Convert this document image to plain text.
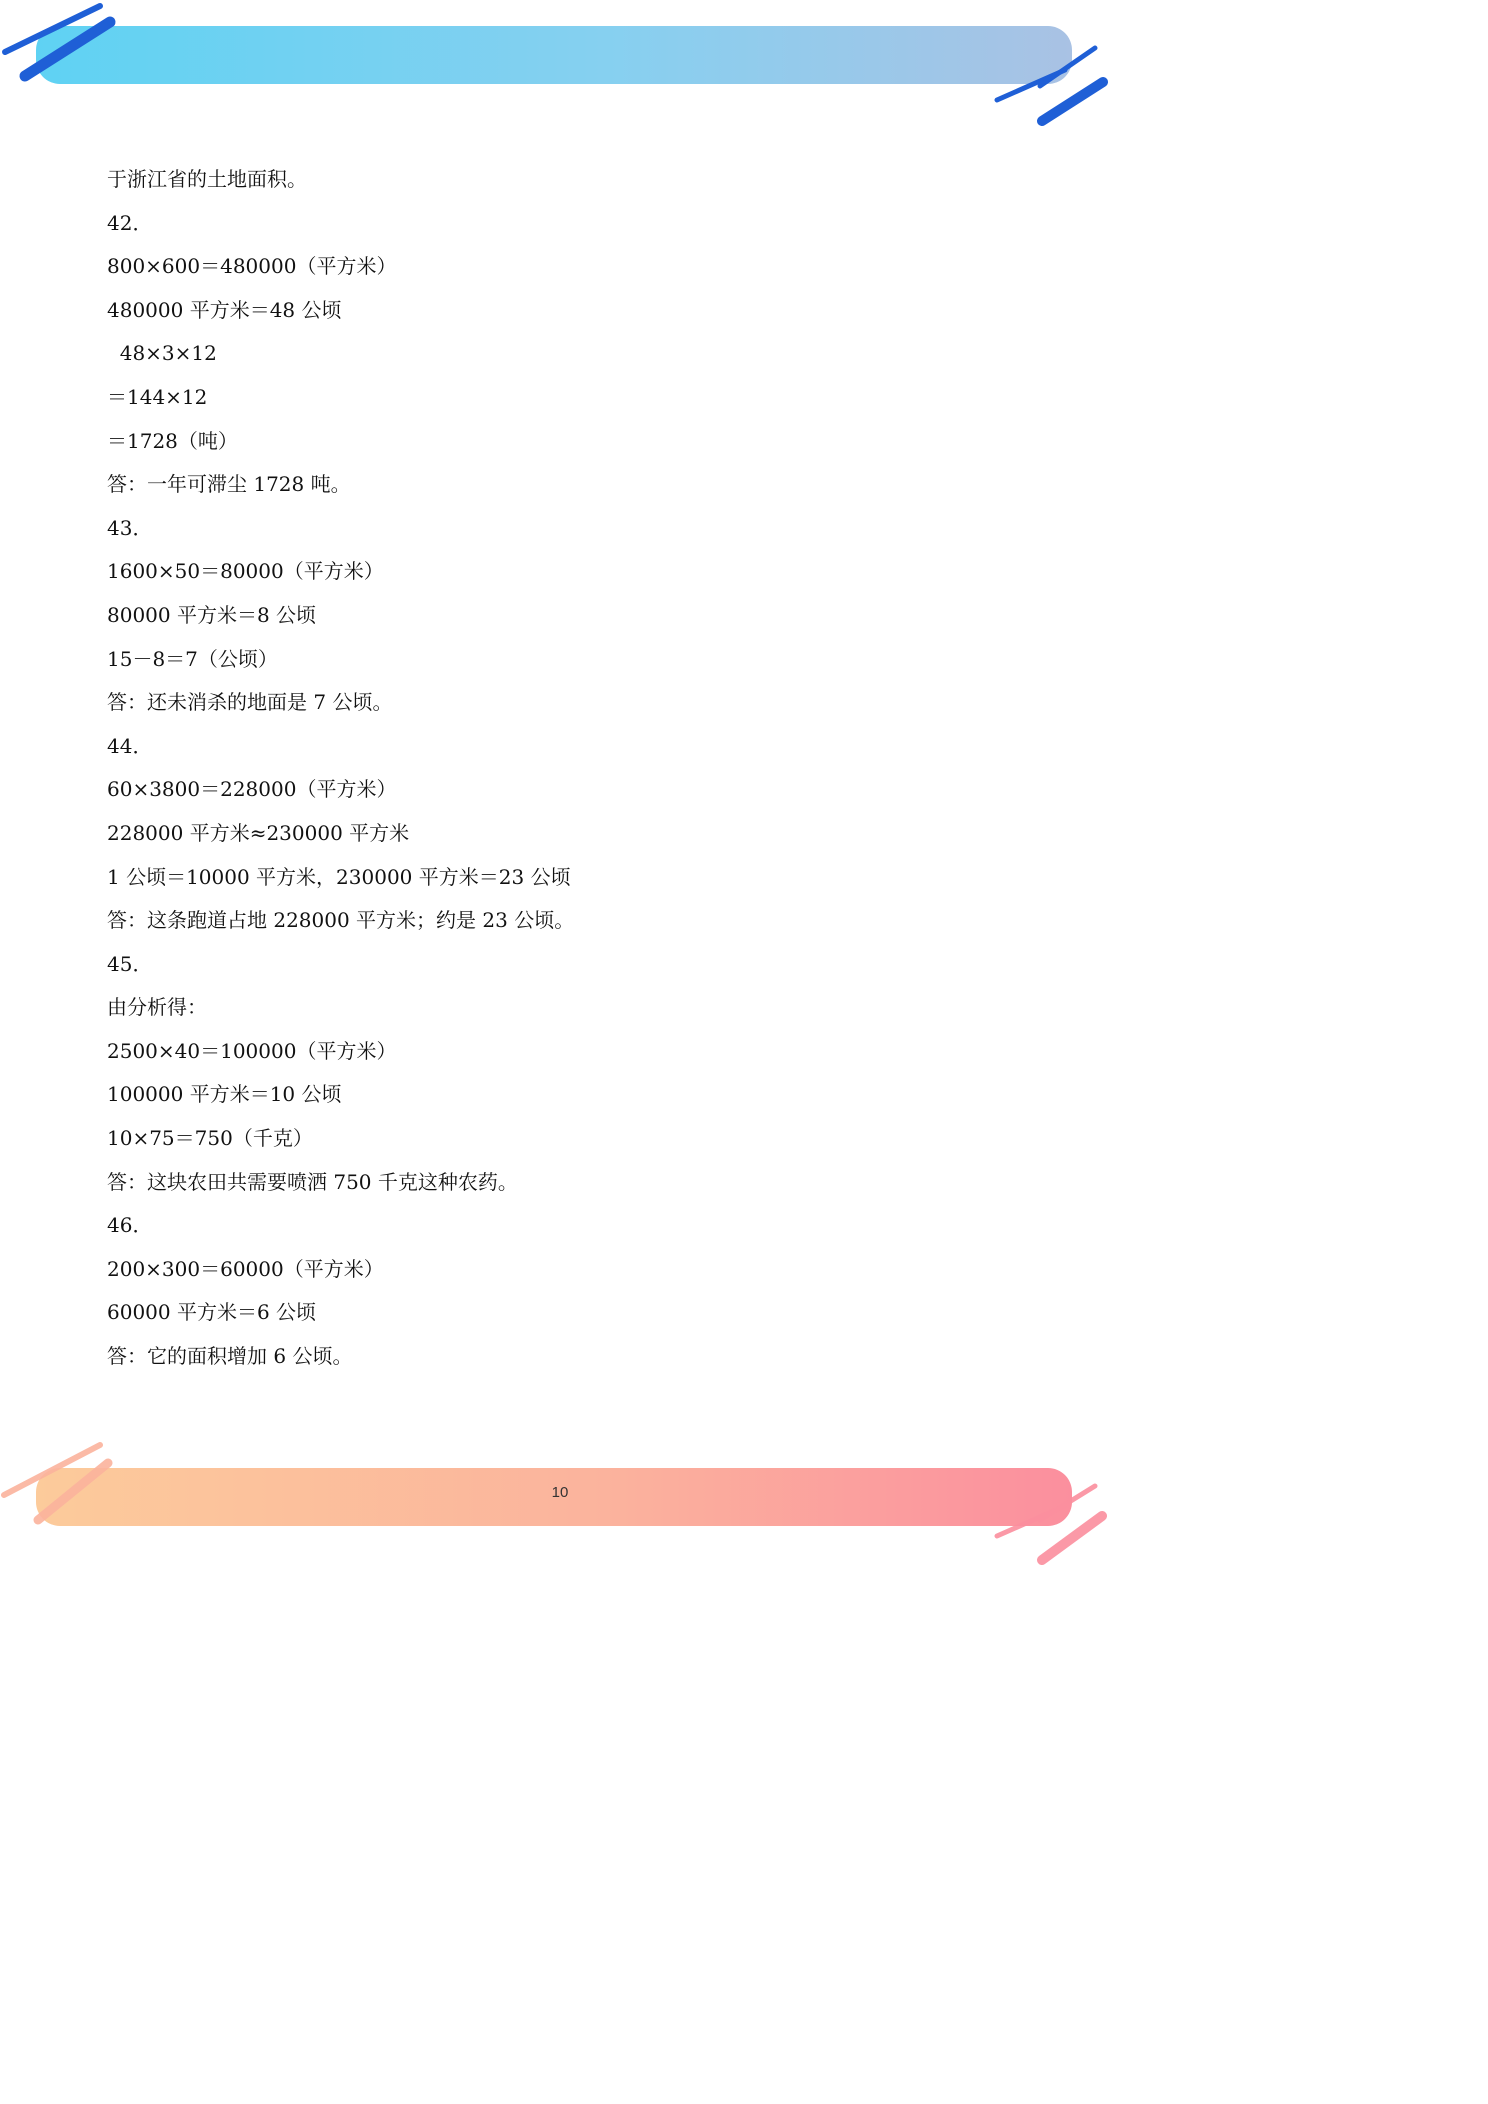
于浙江省的土地面积。
42．
800×600＝480000（平方米）
480000 平方米＝48 公顷
48×3×12
＝144×12
＝1728（吨）
答：一年可滞尘 1728 吨。
43．
1600×50＝80000（平方米）
80000 平方米＝8 公顷
15－8＝7（公顷）
答：还未消杀的地面是 7 公顷。
44．
60×3800＝228000（平方米）
228000 平方米≈230000 平方米
1 公顷＝10000 平方米，230000 平方米＝23 公顷
答：这条跑道占地 228000 平方米；约是 23 公顷。
45．
由分析得：
2500×40＝100000（平方米）
100000 平方米＝10 公顷
10×75＝750（千克）
答：这块农田共需要喷洒 750 千克这种农药。
46．
200×300＝60000（平方米）
60000 平方米＝6 公顷
答：它的面积增加 6 公顷。
10
